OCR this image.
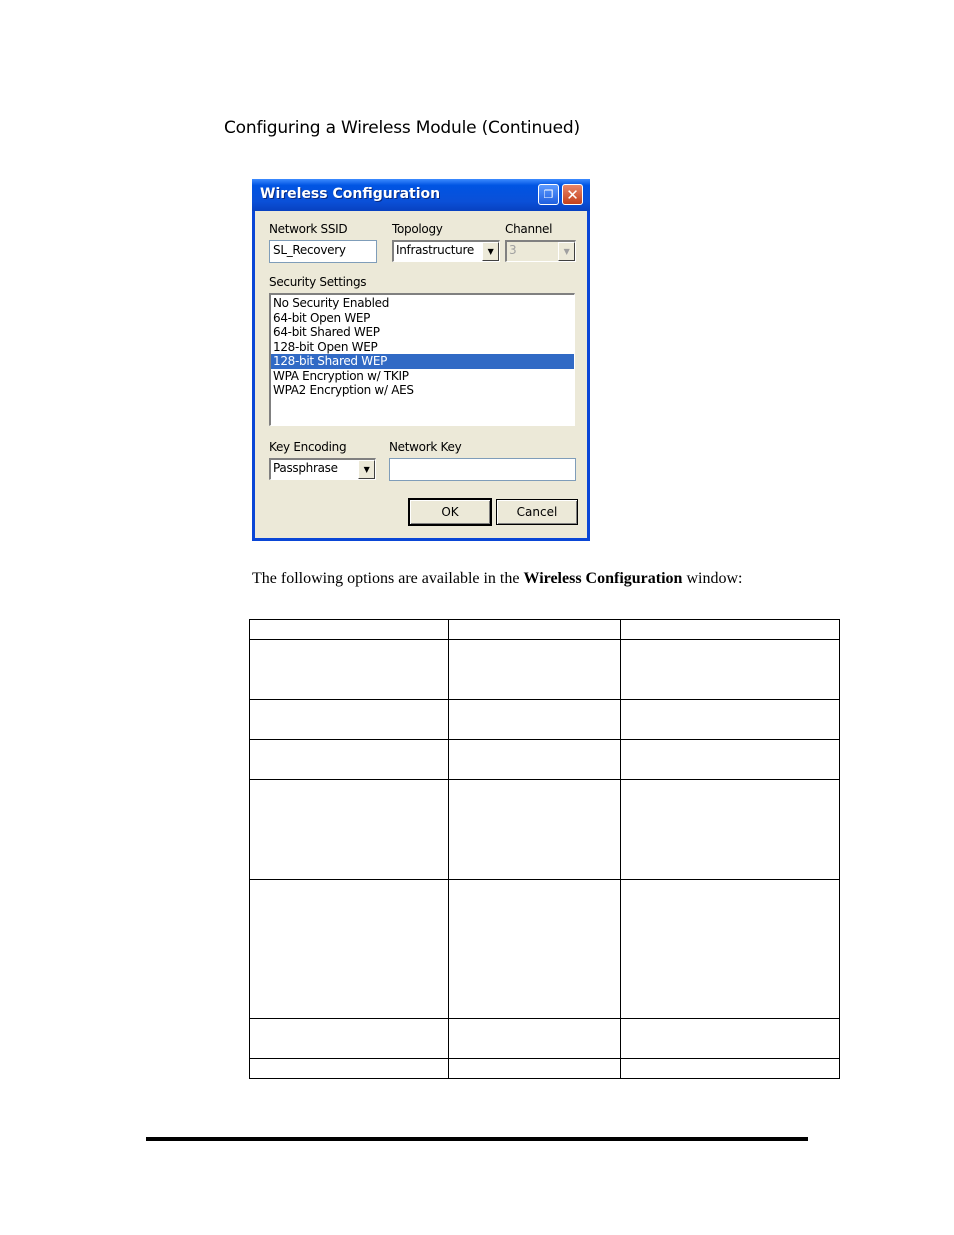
Configuring a Wireless Module (Continued)
Wireless Configuration	❐ ✕
Network SSID
SL_Recovery
Topology
Infrastructure	▼
Channel
3	▼
Security Settings
No Security Enabled
64-bit Open WEP
64-bit Shared WEP
128-bit Open WEP
128-bit Shared WEP
WPA Encryption w/ TKIP
WPA2 Encryption w/ AES
Key Encoding
Passphrase	▼
Network Key
OK	Cancel
The following options are available in the Wireless Configuration window:
